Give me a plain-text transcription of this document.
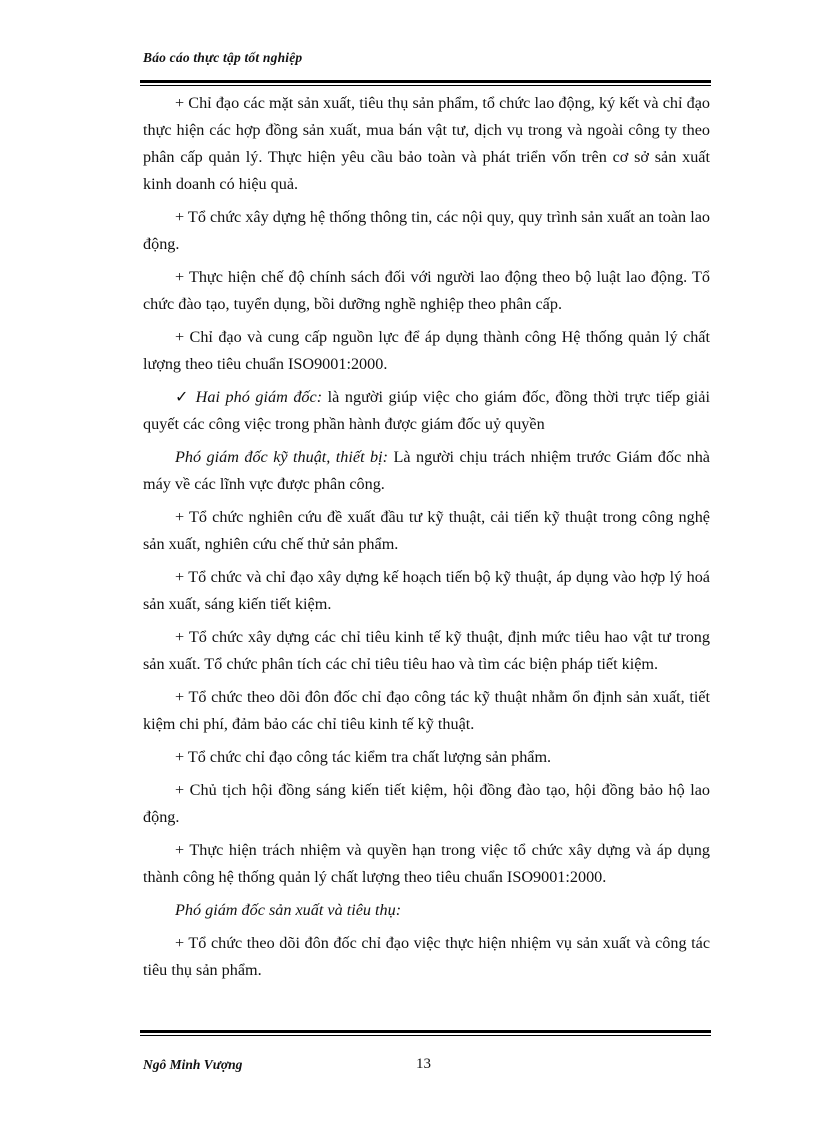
Báo cáo thực tập tốt nghiệp

+ Chỉ đạo các mặt sản xuất, tiêu thụ sản phẩm, tổ chức lao động, ký kết và chỉ đạo thực hiện các hợp đồng sản xuất, mua bán vật tư, dịch vụ trong và ngoài công ty theo phân cấp quản lý. Thực hiện yêu cầu bảo toàn và phát triển vốn trên cơ sở sản xuất kinh doanh có hiệu quả.

+ Tổ chức xây dựng hệ thống thông tin, các nội quy, quy trình sản xuất an toàn lao động.

+ Thực hiện chế độ chính sách đối với người lao động theo bộ luật lao động. Tổ chức đào tạo, tuyển dụng, bồi dưỡng nghề nghiệp theo phân cấp.

+ Chỉ đạo và cung cấp nguồn lực để áp dụng thành công Hệ thống quản lý chất lượng theo tiêu chuẩn ISO9001:2000.

✓ Hai phó giám đốc: là người giúp việc cho giám đốc, đồng thời trực tiếp giải quyết các công việc trong phần hành được giám đốc uỷ quyền

Phó giám đốc kỹ thuật, thiết bị: Là người chịu trách nhiệm trước Giám đốc nhà máy về các lĩnh vực được phân công.

+ Tổ chức nghiên cứu đề xuất đầu tư kỹ thuật, cải tiến kỹ thuật trong công nghệ sản xuất, nghiên cứu chế thử sản phẩm.

+ Tổ chức và chỉ đạo xây dựng kế hoạch tiến bộ kỹ thuật, áp dụng vào hợp lý hoá sản xuất, sáng kiến tiết kiệm.

+ Tổ chức xây dựng các chỉ tiêu kinh tế kỹ thuật, định mức tiêu hao vật tư trong sản xuất. Tổ chức phân tích các chỉ tiêu tiêu hao và tìm các biện pháp tiết kiệm.

+ Tổ chức theo dõi đôn đốc chỉ đạo công tác kỹ thuật nhằm ổn định sản xuất, tiết kiệm chi phí, đảm bảo các chỉ tiêu kinh tế kỹ thuật.

+ Tổ chức chỉ đạo công tác kiểm tra chất lượng sản phẩm.

+ Chủ tịch hội đồng sáng kiến tiết kiệm, hội đồng đào tạo, hội đồng bảo hộ lao động.

+ Thực hiện trách nhiệm và quyền hạn trong việc tổ chức xây dựng và áp dụng thành công hệ thống quản lý chất lượng theo tiêu chuẩn ISO9001:2000.

Phó giám đốc sản xuất và tiêu thụ:

+ Tổ chức theo dõi đôn đốc chỉ đạo việc thực hiện nhiệm vụ sản xuất và công tác tiêu thụ sản phẩm.

Ngô Minh Vượng	13
